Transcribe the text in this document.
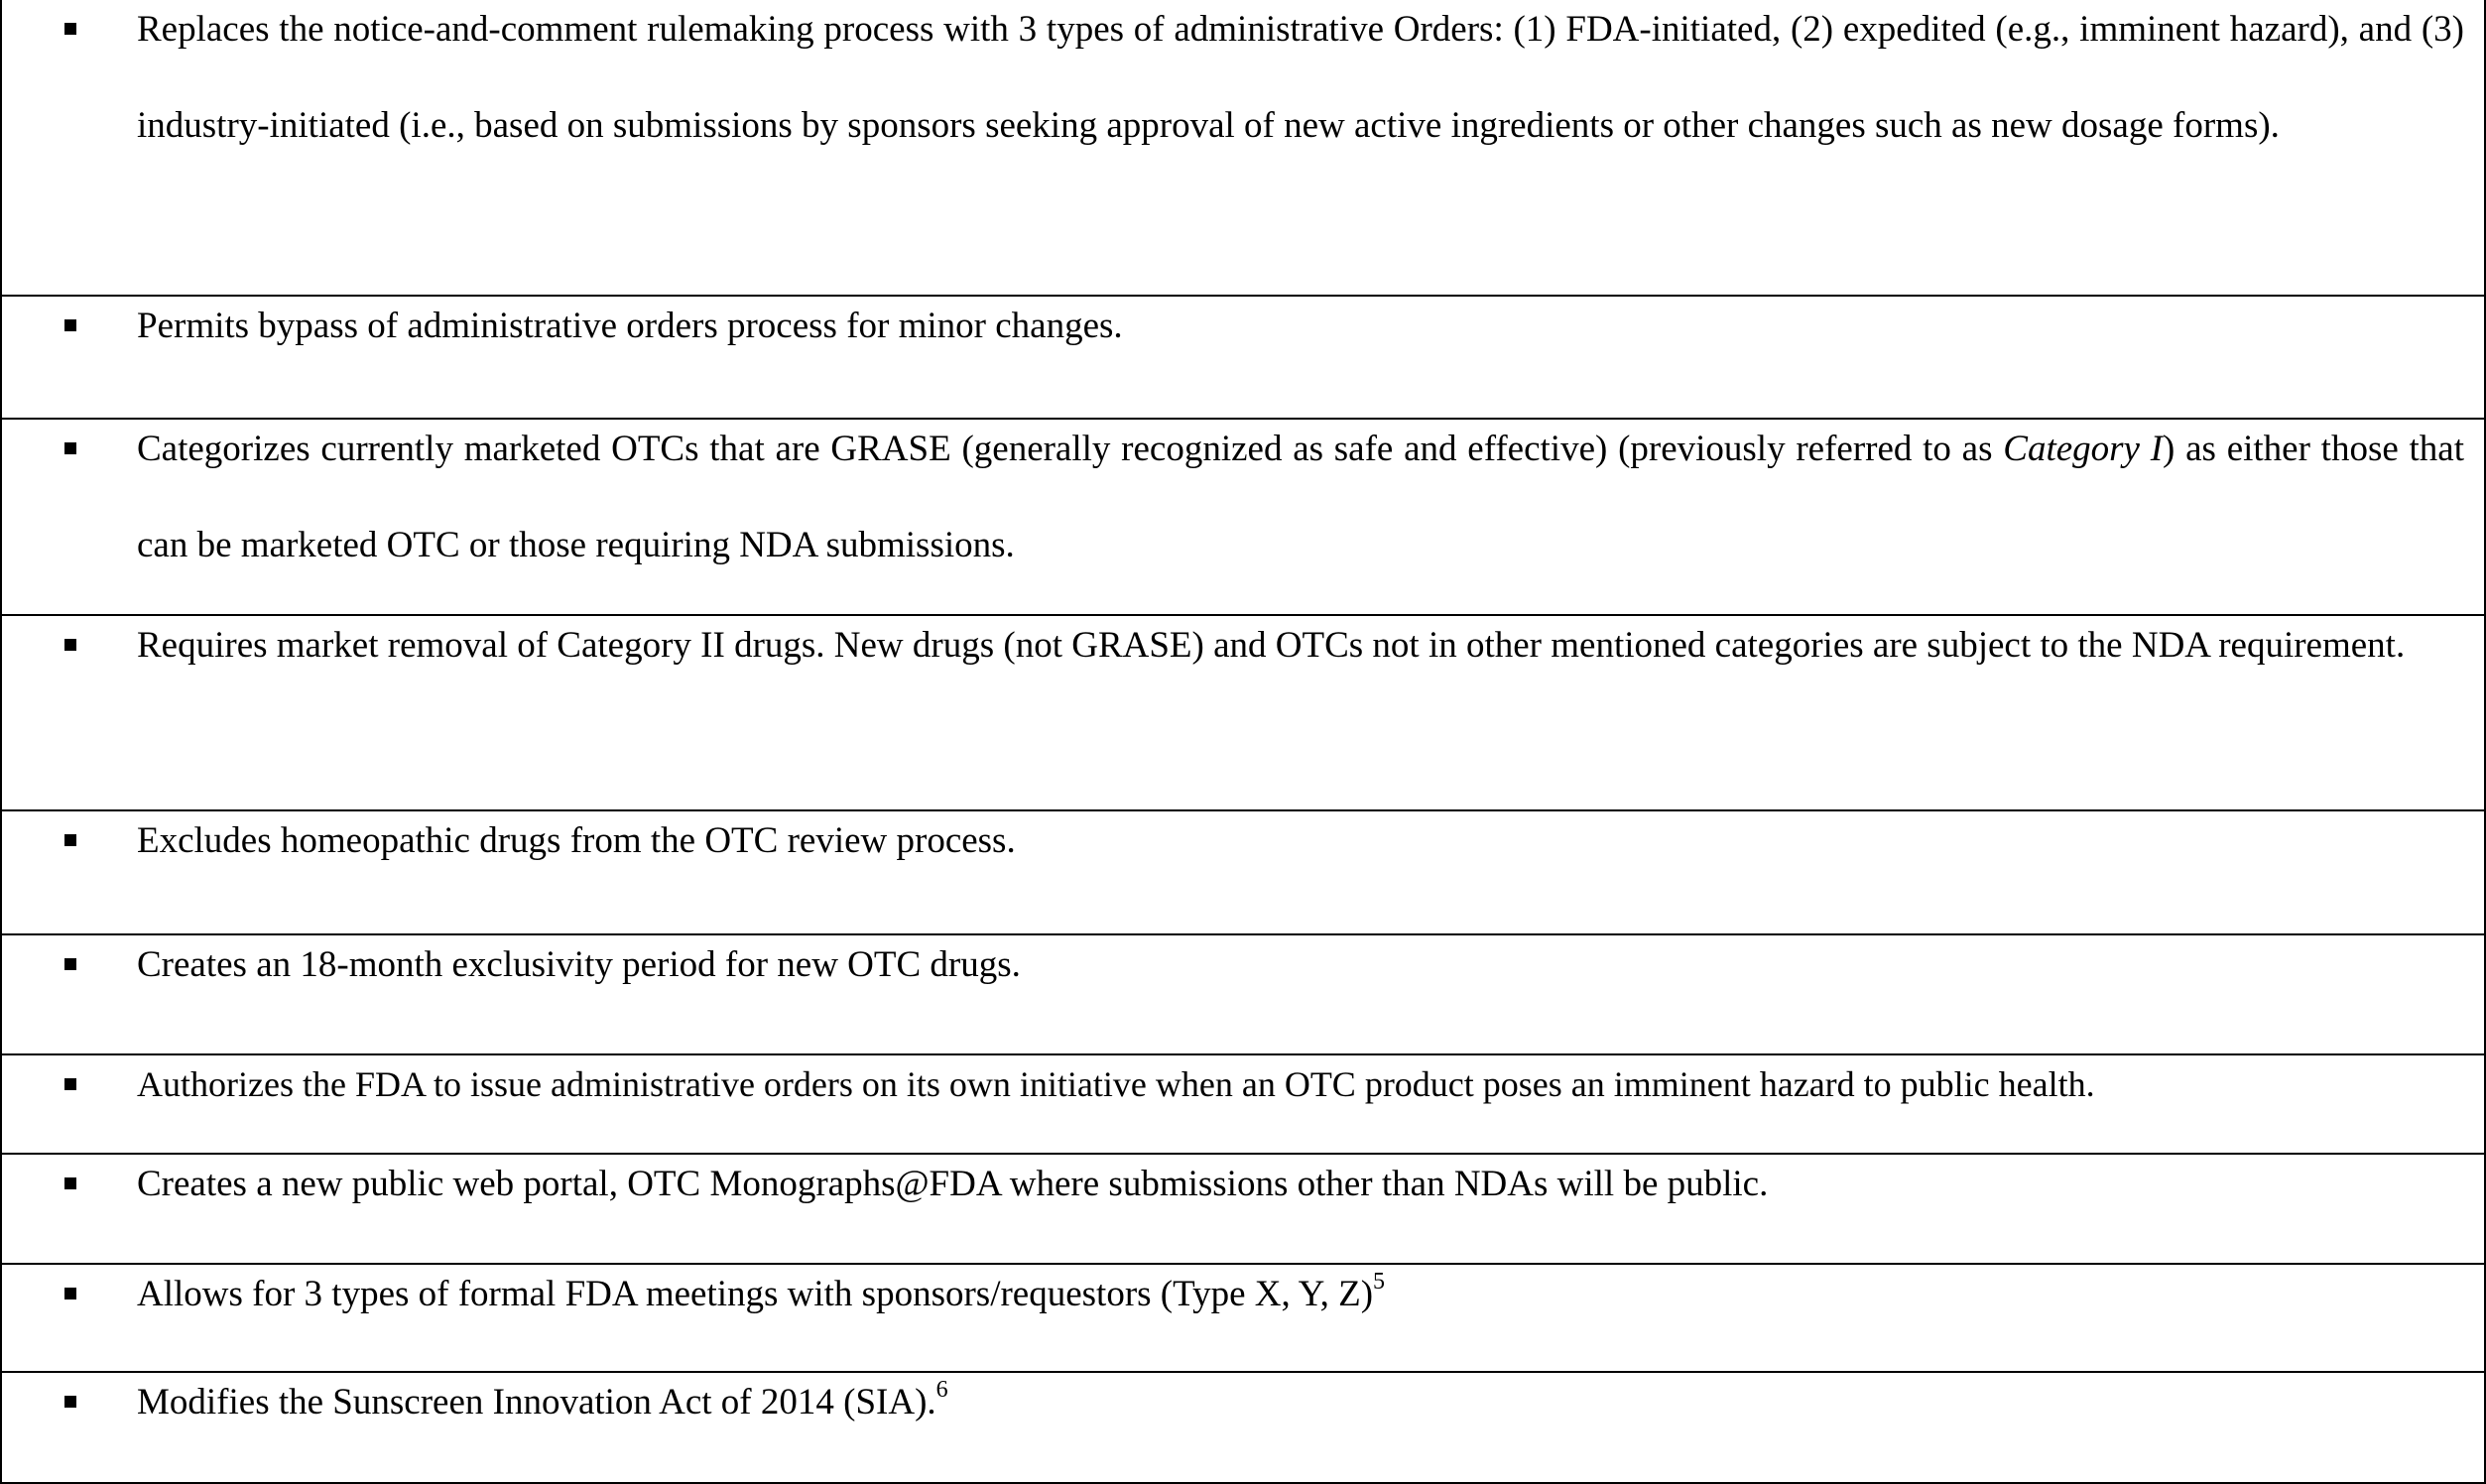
Replaces the notice-and-comment rulemaking process with 3 types of administrative Orders: (1) FDA-initiated, (2) expedited (e.g., imminent hazard), and (3) industry-initiated (i.e., based on submissions by sponsors seeking approval of new active ingredients or other changes such as new dosage forms).

Permits bypass of administrative orders process for minor changes.

Categorizes currently marketed OTCs that are GRASE (generally recognized as safe and effective) (previously referred to as Category I) as either those that can be marketed OTC or those requiring NDA submissions.

Requires market removal of Category II drugs. New drugs (not GRASE) and OTCs not in other mentioned categories are subject to the NDA requirement.

Excludes homeopathic drugs from the OTC review process.

Creates an 18-month exclusivity period for new OTC drugs.

Authorizes the FDA to issue administrative orders on its own initiative when an OTC product poses an imminent hazard to public health.

Creates a new public web portal, OTC Monographs@FDA where submissions other than NDAs will be public.

Allows for 3 types of formal FDA meetings with sponsors/requestors (Type X, Y, Z)$^5$

Modifies the Sunscreen Innovation Act of 2014 (SIA).$^6$
